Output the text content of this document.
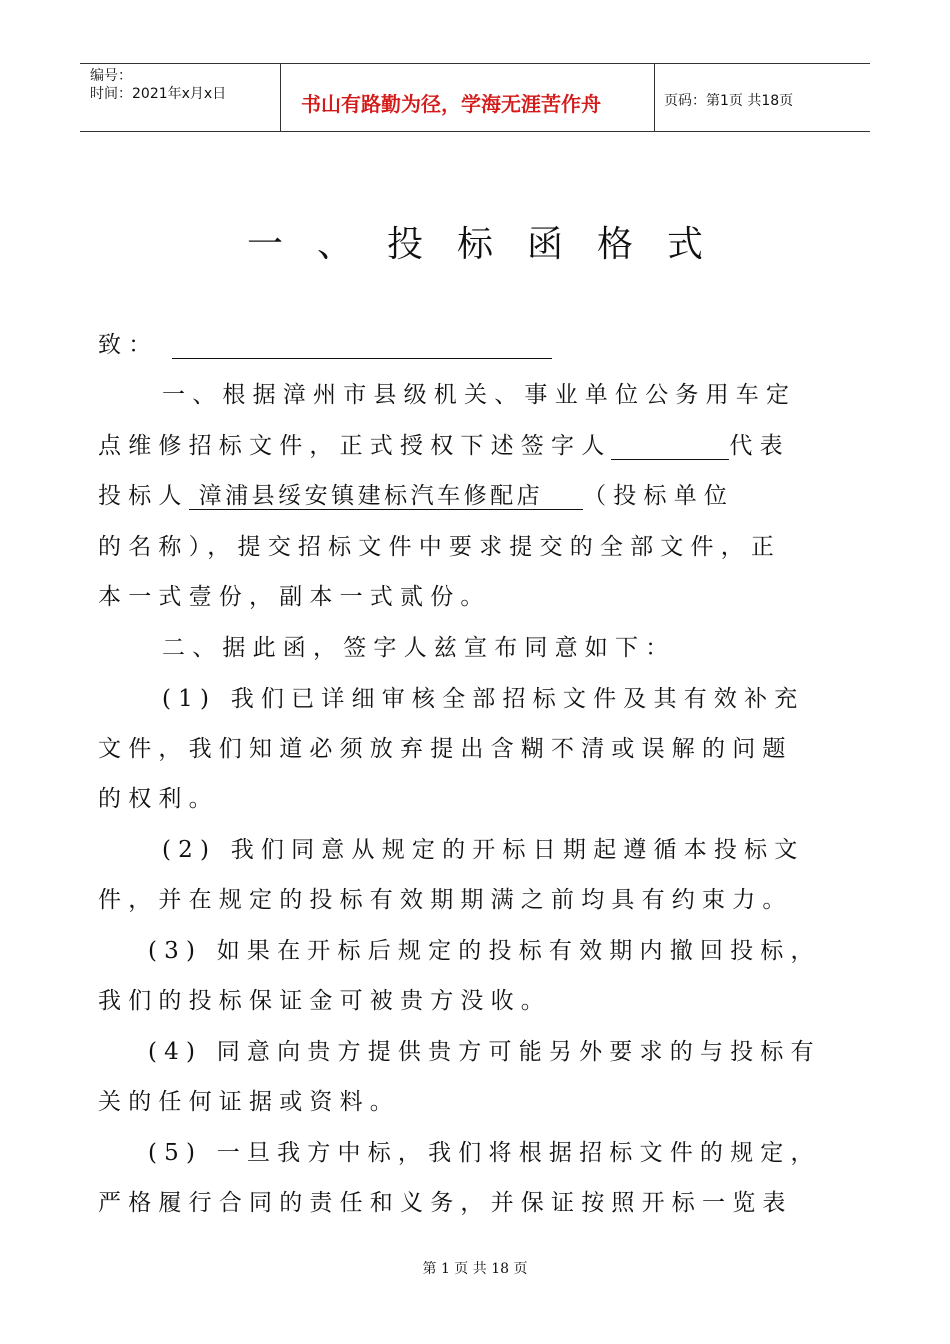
编号：
时间：2021年x月x日	书山有路勤为径，学海无涯苦作舟	页码：第1页 共18页
一、投标函格式
致：
一、根据漳州市县级机关、事业单位公务用车定
点维修招标文件，正式授权下述签字人	代表
投标人 漳浦县绥安镇建标汽车修配店 （投标单位
的名称），提交招标文件中要求提交的全部文件，正
本一式壹份，副本一式贰份。
二、据此函，签字人兹宣布同意如下：
(1) 我们已详细审核全部招标文件及其有效补充
文件，我们知道必须放弃提出含糊不清或误解的问题
的权利。
(2) 我们同意从规定的开标日期起遵循本投标文
件，并在规定的投标有效期期满之前均具有约束力。
(3) 如果在开标后规定的投标有效期内撤回投标，
我们的投标保证金可被贵方没收。
(4) 同意向贵方提供贵方可能另外要求的与投标有
关的任何证据或资料。
(5) 一旦我方中标，我们将根据招标文件的规定，
严格履行合同的责任和义务，并保证按照开标一览表
第 1 页 共 18 页
